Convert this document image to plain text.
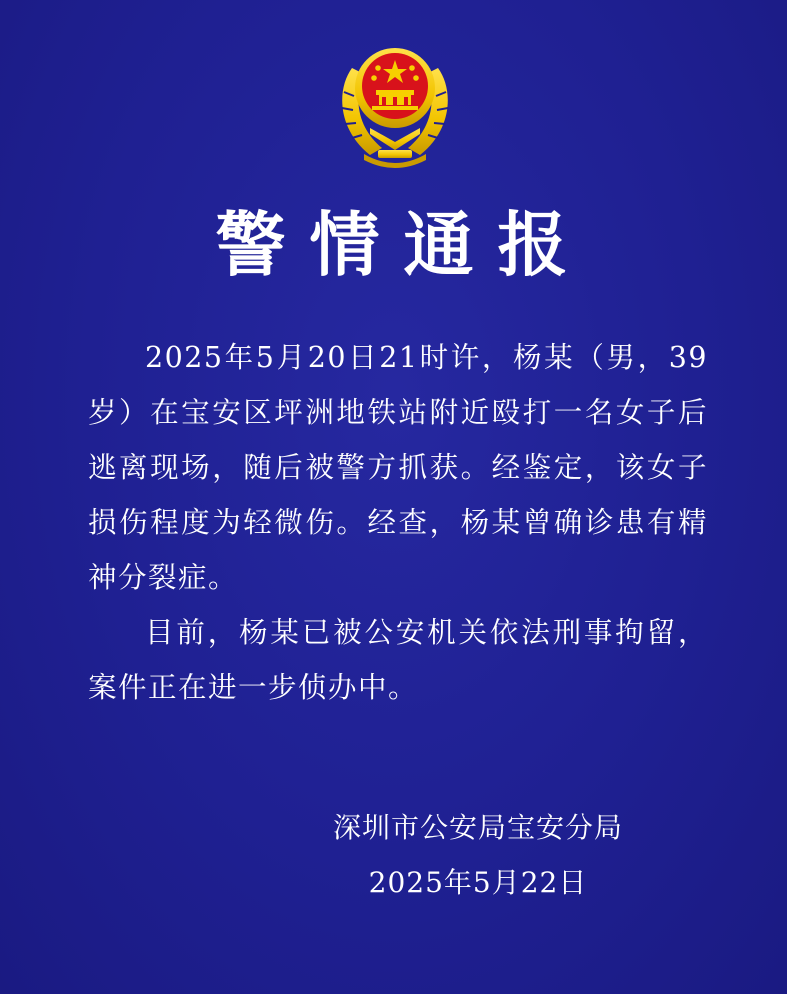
警情通报

2025年5月20日21时许，杨某（男，39岁）在宝安区坪洲地铁站附近殴打一名女子后逃离现场，随后被警方抓获。经鉴定，该女子损伤程度为轻微伤。经查，杨某曾确诊患有精神分裂症。

目前，杨某已被公安机关依法刑事拘留，案件正在进一步侦办中。

深圳市公安局宝安分局
2025年5月22日
